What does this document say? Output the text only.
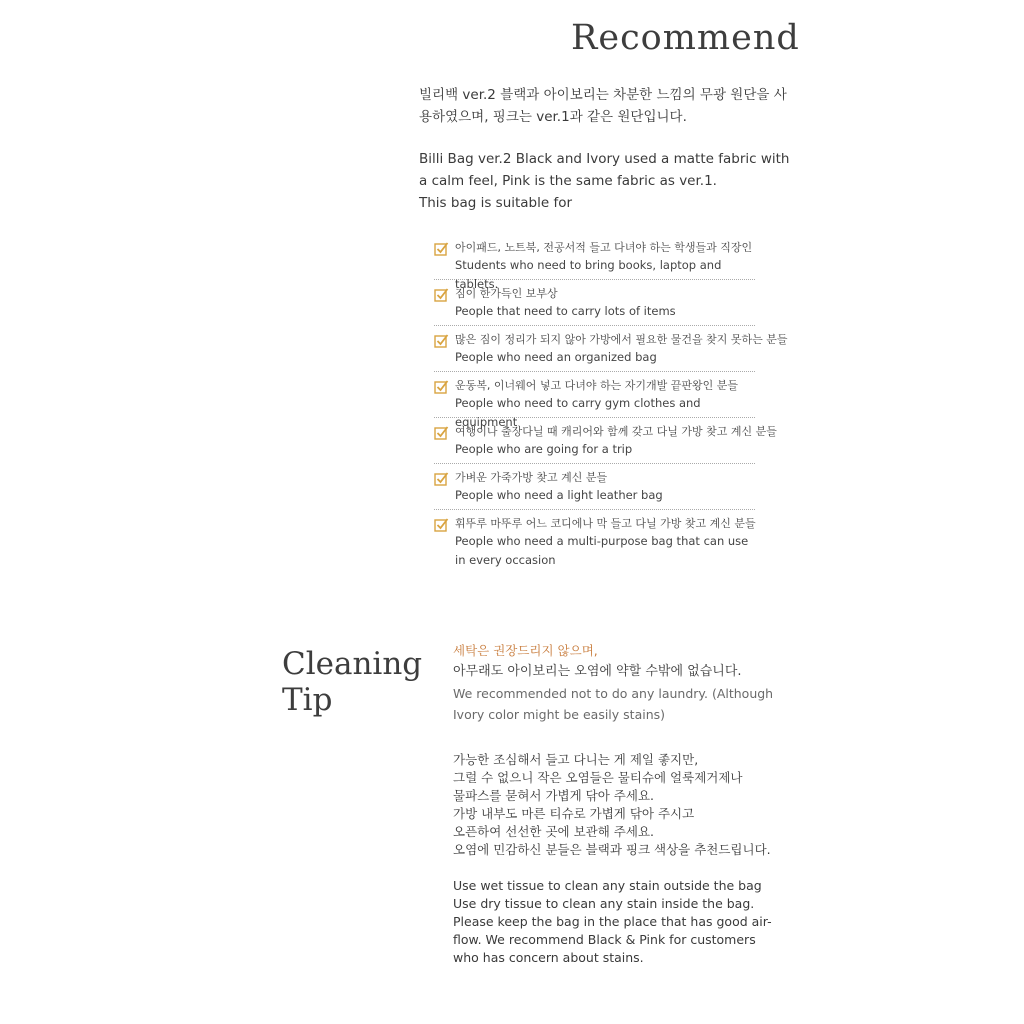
Recommend

빌리백 ver.2 블랙과 아이보리는 차분한 느낌의 무광 원단을 사용하였으며, 핑크는 ver.1과 같은 원단입니다.

Billi Bag ver.2 Black and Ivory used a matte fabric with
a calm feel, Pink is the same fabric as ver.1.
This bag is suitable for

아이패드, 노트북, 전공서적 들고 다녀야 하는 학생들과 직장인
Students who need to bring books, laptop and tablets.
짐이 한가득인 보부상
People that need to carry lots of items
많은 짐이 정리가 되지 않아 가방에서 필요한 물건을 찾지 못하는 분들
People who need an organized bag
운동복, 이너웨어 넣고 다녀야 하는 자기개발 끝판왕인 분들
People who need to carry gym clothes and equipment
여행이나 출장다닐 때 캐리어와 함께 갖고 다닐 가방 찾고 계신 분들
People who are going for a trip
가벼운 가죽가방 찾고 계신 분들
People who need a light leather bag
휘뚜루 마뚜루 어느 코디에나 막 들고 다닐 가방 찾고 계신 분들
People who need a multi-purpose bag that can use in every occasion
Cleaning
Tip
세탁은 권장드리지 않으며,
아무래도 아이보리는 오염에 약할 수밖에 없습니다.
We recommended not to do any laundry. (Although
Ivory color might be easily stains)
가능한 조심해서 들고 다니는 게 제일 좋지만,
그럴 수 없으니 작은 오염들은 물티슈에 얼룩제거제나
물파스를 묻혀서 가볍게 닦아 주세요.
가방 내부도 마른 티슈로 가볍게 닦아 주시고
오픈하여 선선한 곳에 보관해 주세요.
오염에 민감하신 분들은 블랙과 핑크 색상을 추천드립니다.
Use wet tissue to clean any stain outside the bag
Use dry tissue to clean any stain inside the bag.
Please keep the bag in the place that has good air-
flow. We recommend Black & Pink for customers
who has concern about stains.
